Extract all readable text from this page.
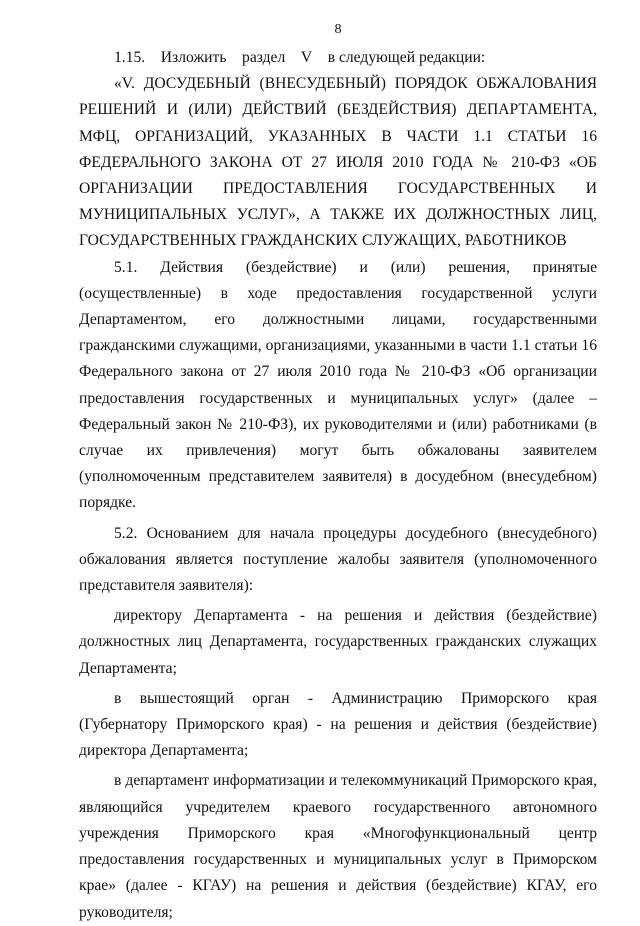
8

1.15.    Изложить    раздел    V    в следующей редакции:

«V. ДОСУДЕБНЫЙ (ВНЕСУДЕБНЫЙ) ПОРЯДОК ОБЖАЛОВАНИЯ РЕШЕНИЙ И (ИЛИ) ДЕЙСТВИЙ (БЕЗДЕЙСТВИЯ) ДЕПАРТАМЕНТА, МФЦ, ОРГАНИЗАЦИЙ, УКАЗАННЫХ В ЧАСТИ 1.1 СТАТЬИ 16 ФЕДЕРАЛЬНОГО ЗАКОНА ОТ 27 ИЮЛЯ 2010 ГОДА № 210-ФЗ «ОБ ОРГАНИЗАЦИИ ПРЕДОСТАВЛЕНИЯ ГОСУДАРСТВЕННЫХ И МУНИЦИПАЛЬНЫХ УСЛУГ», А ТАКЖЕ ИХ ДОЛЖНОСТНЫХ ЛИЦ, ГОСУДАРСТВЕННЫХ ГРАЖДАНСКИХ СЛУЖАЩИХ, РАБОТНИКОВ

5.1. Действия (бездействие) и (или) решения, принятые (осуществленные) в ходе предоставления государственной услуги Департаментом, его должностными лицами, государственными гражданскими служащими, организациями, указанными в части 1.1 статьи 16 Федерального закона от 27 июля 2010 года № 210-ФЗ «Об организации предоставления государственных и муниципальных услуг» (далее – Федеральный закон № 210-ФЗ), их руководителями и (или) работниками (в случае их привлечения) могут быть обжалованы заявителем (уполномоченным представителем заявителя) в досудебном (внесудебном) порядке.

5.2. Основанием для начала процедуры досудебного (внесудебного) обжалования является поступление жалобы заявителя (уполномоченного представителя заявителя):

директору Департамента - на решения и действия (бездействие) должностных лиц Департамента, государственных гражданских служащих Департамента;

в вышестоящий орган - Администрацию Приморского края (Губернатору Приморского края) - на решения и действия (бездействие) директора Департамента;

в департамент информатизации и телекоммуникаций Приморского края, являющийся учредителем краевого государственного автономного учреждения Приморского края «Многофункциональный центр предоставления государственных и муниципальных услуг в Приморском крае» (далее - КГАУ) на решения и действия (бездействие) КГАУ, его руководителя;
